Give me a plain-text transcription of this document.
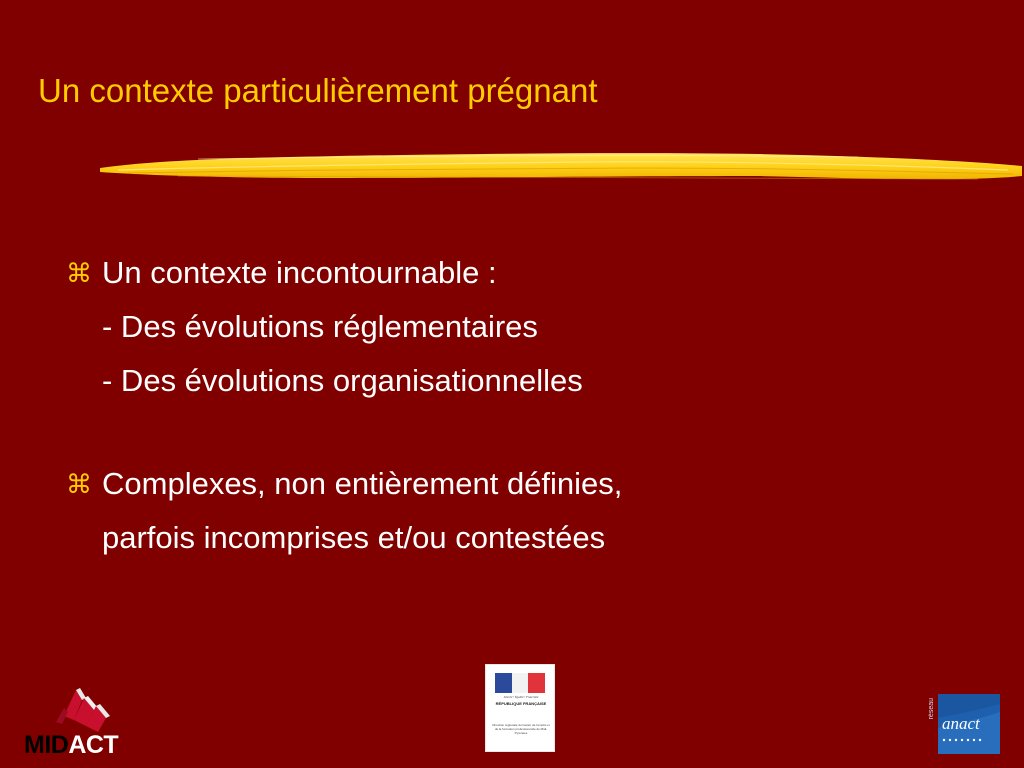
Un contexte particulièrement prégnant
⌘ Un contexte incontournable :
- Des évolutions réglementaires
- Des évolutions organisationnelles
⌘ Complexes, non entièrement définies,
parfois incomprises et/ou contestées
MIDACT
Liberté • Égalité • Fraternité
RÉPUBLIQUE FRANÇAISE
Direction régionale du travail, de l'emploi et de la formation professionnelle de Midi-Pyrénées
réseau
anact
